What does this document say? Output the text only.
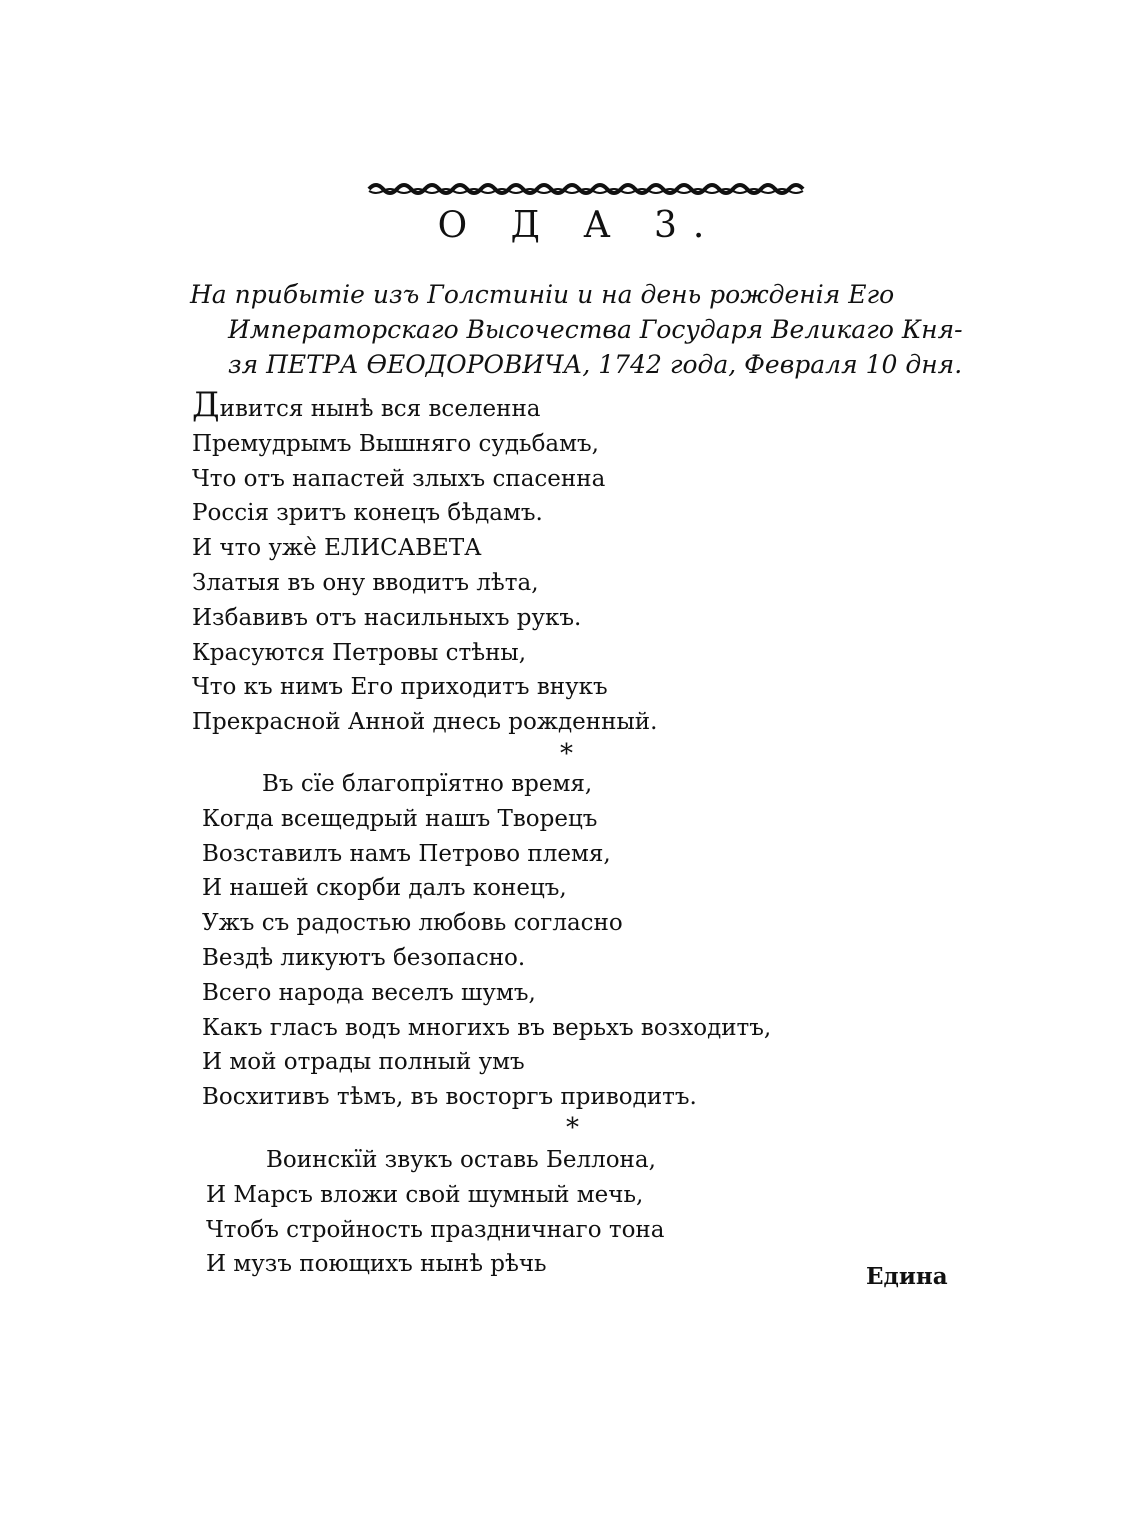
О Д А 3.
На прибытіе изъ Голстиніи и на день рожденія Его
Императорскаго Высочества Государя Великаго Кня-
зя ПЕТРА ѲЕОДОРОВИЧА, 1742 года, Февраля 10 дня.
Дивится нынѣ вся вселенна
Премудрымъ Вышняго судьбамъ,
Что отъ напастей злыхъ спасенна
Россія зритъ конецъ бѣдамъ.
И что ужѐ ЕЛИСАВЕТА
Златыя въ ону вводитъ лѣта,
Избавивъ отъ насильныхъ рукъ.
Красуются Петровы стѣны,
Что къ нимъ Его приходитъ внукъ
Прекрасной Анной днесь рожденный.
*
Въ сїе благопрїятно время,
Когда всещедрый нашъ Творецъ
Возставилъ намъ Петрово племя,
И нашей скорби далъ конецъ,
Ужъ съ радостью любовь согласно
Вездѣ ликуютъ безопасно.
Всего народа веселъ шумъ,
Какъ гласъ водъ многихъ въ верьхъ возходитъ,
И мой отрады полный умъ
Восхитивъ тѣмъ, въ восторгъ приводитъ.
*
Воинскїй звукъ оставь Беллона,
И Марсъ вложи свой шумный мечь,
Чтобъ стройность праздничнаго тона
И музъ поющихъ нынѣ рѣчь	Едина
